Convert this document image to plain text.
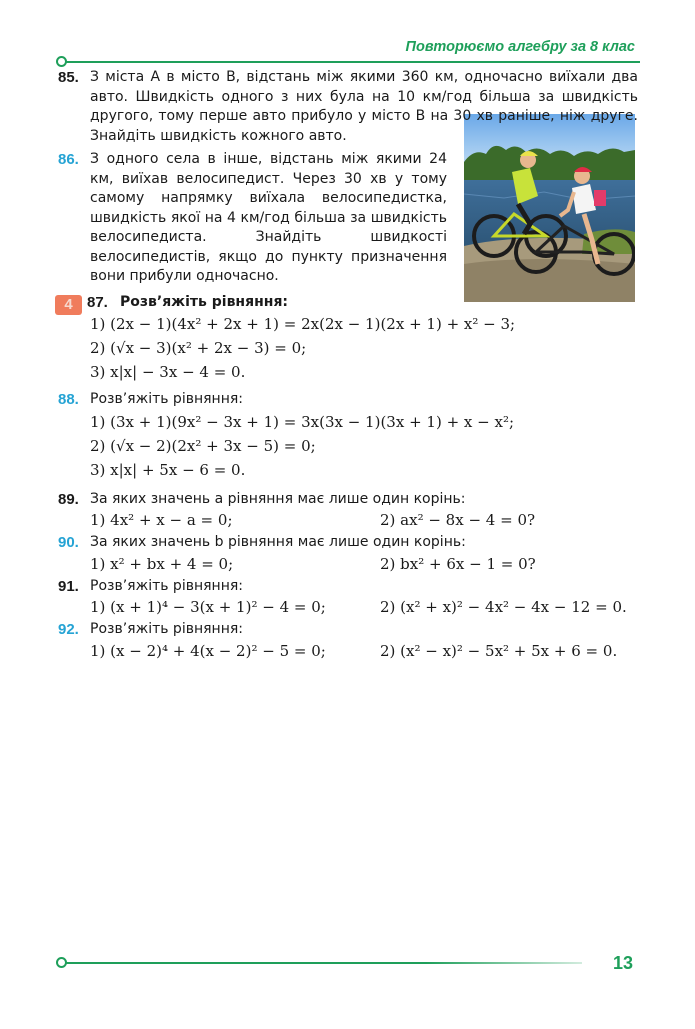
Повторюємо алгебру за 8 клас
85. З міста A в місто B, відстань між якими 360 км, одночасно виїхали два авто. Швидкість одного з них була на 10 км/год більша за швидкість другого, тому перше авто прибуло у місто B на 30 хв раніше, ніж друге. Знайдіть швидкість кожного авто.

86. З одного села в інше, відстань між якими 24 км, виїхав велосипедист. Через 30 хв у тому самому напрямку виїхала велосипедистка, швидкість якої на 4 км/год більша за швидкість велосипедиста. Знайдіть швидкості велосипедистів, якщо до пункту призначення вони прибули одночасно.

4 87. Розв’яжіть рівняння:

1) (2x − 1)(4x² + 2x + 1) = 2x(2x − 1)(2x + 1) + x² − 3;
2) (√x − 3)(x² + 2x − 3) = 0;
3) x|x| − 3x − 4 = 0.
88. Розв’яжіть рівняння:

1) (3x + 1)(9x² − 3x + 1) = 3x(3x − 1)(3x + 1) + x − x²;
2) (√x − 2)(2x² + 3x − 5) = 0;
3) x|x| + 5x − 6 = 0.
89. За яких значень a рівняння має лише один корінь:

1) 4x² + x − a = 0;	2) ax² − 8x − 4 = 0?
90. За яких значень b рівняння має лише один корінь:

1) x² + bx + 4 = 0;	2) bx² + 6x − 1 = 0?
91. Розв’яжіть рівняння:

1) (x + 1)⁴ − 3(x + 1)² − 4 = 0;	2) (x² + x)² − 4x² − 4x − 12 = 0.
92. Розв’яжіть рівняння:

1) (x − 2)⁴ + 4(x − 2)² − 5 = 0;	2) (x² − x)² − 5x² + 5x + 6 = 0.
13
